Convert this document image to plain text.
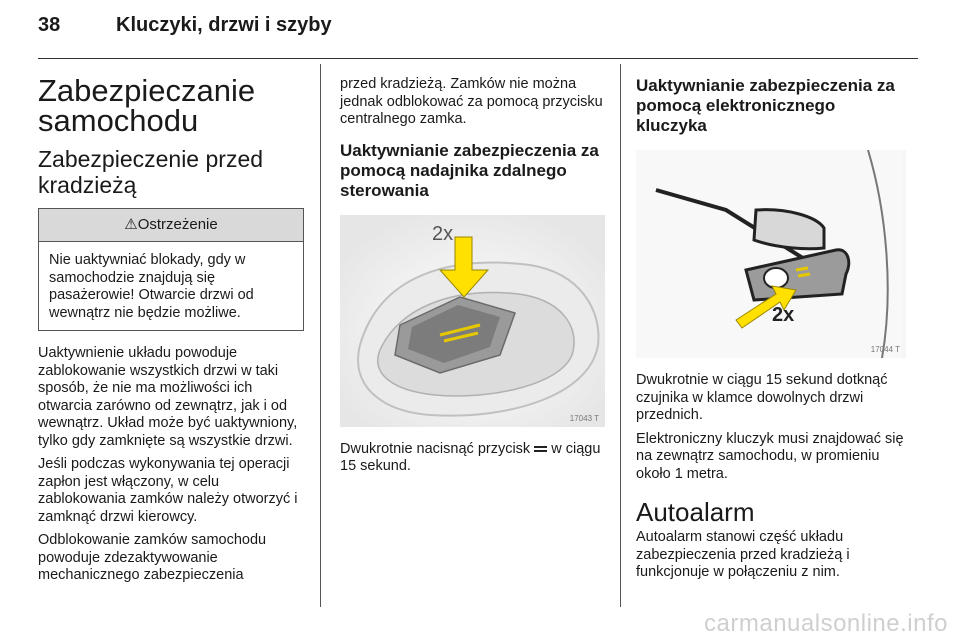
38	Kluczyki, drzwi i szyby
Zabezpieczanie samochodu
Zabezpieczenie przed kradzieżą
⚠Ostrzeżenie
Nie uaktywniać blokady, gdy w samochodzie znajdują się pasażerowie! Otwarcie drzwi od wewnątrz nie będzie możliwe.

Uaktywnienie układu powoduje zablokowanie wszystkich drzwi w taki sposób, że nie ma możliwości ich otwarcia zarówno od zewnątrz, jak i od wewnątrz. Układ może być uaktywniony, tylko gdy zamknięte są wszystkie drzwi.

Jeśli podczas wykonywania tej operacji zapłon jest włączony, w celu zablokowania zamków należy otworzyć i zamknąć drzwi kierowcy.

Odblokowanie zamków samochodu powoduje zdezaktywowanie mechanicznego zabezpieczenia

przed kradzieżą. Zamków nie można jednak odblokować za pomocą przycisku centralnego zamka.

Uaktywnianie zabezpieczenia za pomocą nadajnika zdalnego sterowania
2x
17043 T

Dwukrotnie nacisnąć przycisk w ciągu 15 sekund.

Uaktywnianie zabezpieczenia za pomocą elektronicznego kluczyka
2x
17044 T

Dwukrotnie w ciągu 15 sekund dotknąć czujnika w klamce dowolnych drzwi przednich.

Elektroniczny kluczyk musi znajdować się na zewnątrz samochodu, w promieniu około 1 metra.

Autoalarm

Autoalarm stanowi część układu zabezpieczenia przed kradzieżą i funkcjonuje w połączeniu z nim.

carmanualsonline.info
